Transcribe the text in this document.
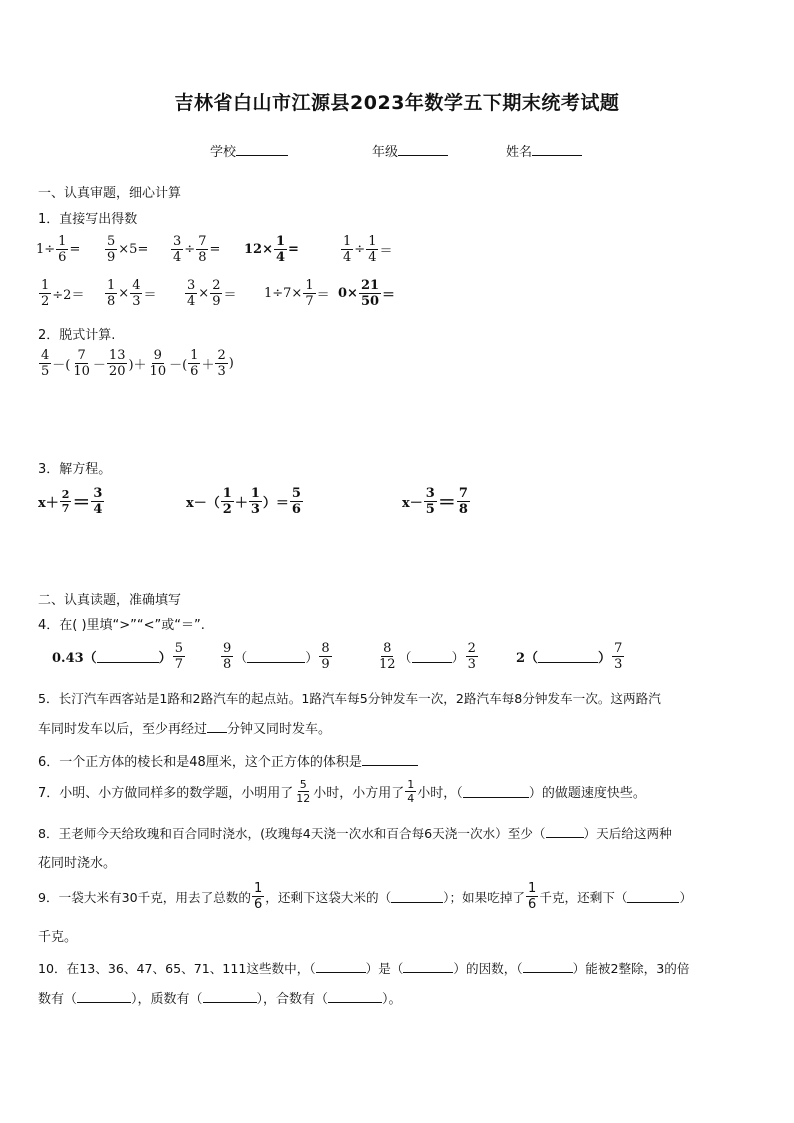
吉林省白山市江源县2023年数学五下期末统考试题
学校	年级	姓名
一、认真审题，细心计算
1．直接写出得数
$1\div \frac{1}{6} = \frac{5}{9} \times 5= \frac{3}{4} \div \frac{7}{8} = 12\times \frac{1}{4}$ =	$\frac{1}{4} \div \frac{1}{4}$ ＝
$\frac{1}{2} \div 2= \frac{1}{8} \times \frac{4}{3} = \frac{3}{4} \times \frac{2}{9} = 1\div 7\times \frac{1}{7} = 0\times \frac{21}{50}$ ＝
2．脱式计算.
$\frac{4}{5}$ －( $\frac{7}{10} - \frac{13}{20}$ )＋ $\frac{9}{10}$ －( $\frac{1}{6} + \frac{2}{3}$ )
3．解方程。
$x+ \frac{2}{7} = \frac{3}{4}$	$x-( \frac{1}{2} + \frac{1}{3}$ ）＝ $\frac{5}{6}$	$x- \frac{3}{5} = \frac{7}{8}$
二、认真读题，准确填写
4．在( )里填“>”“<”或“＝”.
0.43（	） $\frac{5}{7}$	$\frac{9}{8}$ （	） $\frac{8}{9}$	$\frac{8}{12}$ （	） $\frac{2}{3}$	2（	） $\frac{7}{3}$
5．长汀汽车西客站是1路和2路汽车的起点站。1路汽车每5分钟发车一次，2路汽车每8分钟发车一次。这两路汽
车同时发车以后，至少再经过 分钟又同时发车。
6．一个正方体的棱长和是48厘米，这个正方体的体积是
7．小明、小方做同样多的数学题，小明用了 $\frac{5}{12}$ 小时，小方用了 $\frac{1}{4}$ 小时，（	）的做题速度快些。
8．王老师今天给玫瑰和百合同时浇水，(玫瑰每4天浇一次水和百合每6天浇一次水）至少（	）天后给这两种
花同时浇水。
9．一袋大米有30千克，用去了总数的 $\frac{1}{6}$ ，还剩下这袋大米的（	）；如果吃掉了 $\frac{1}{6}$ 千克，还剩下（	）
千克。
10．在13、36、47、65、71、111这些数中，（	）是（	）的因数，（	）能被2整除，3的倍
数有（	），质数有（	），合数有（	）。
